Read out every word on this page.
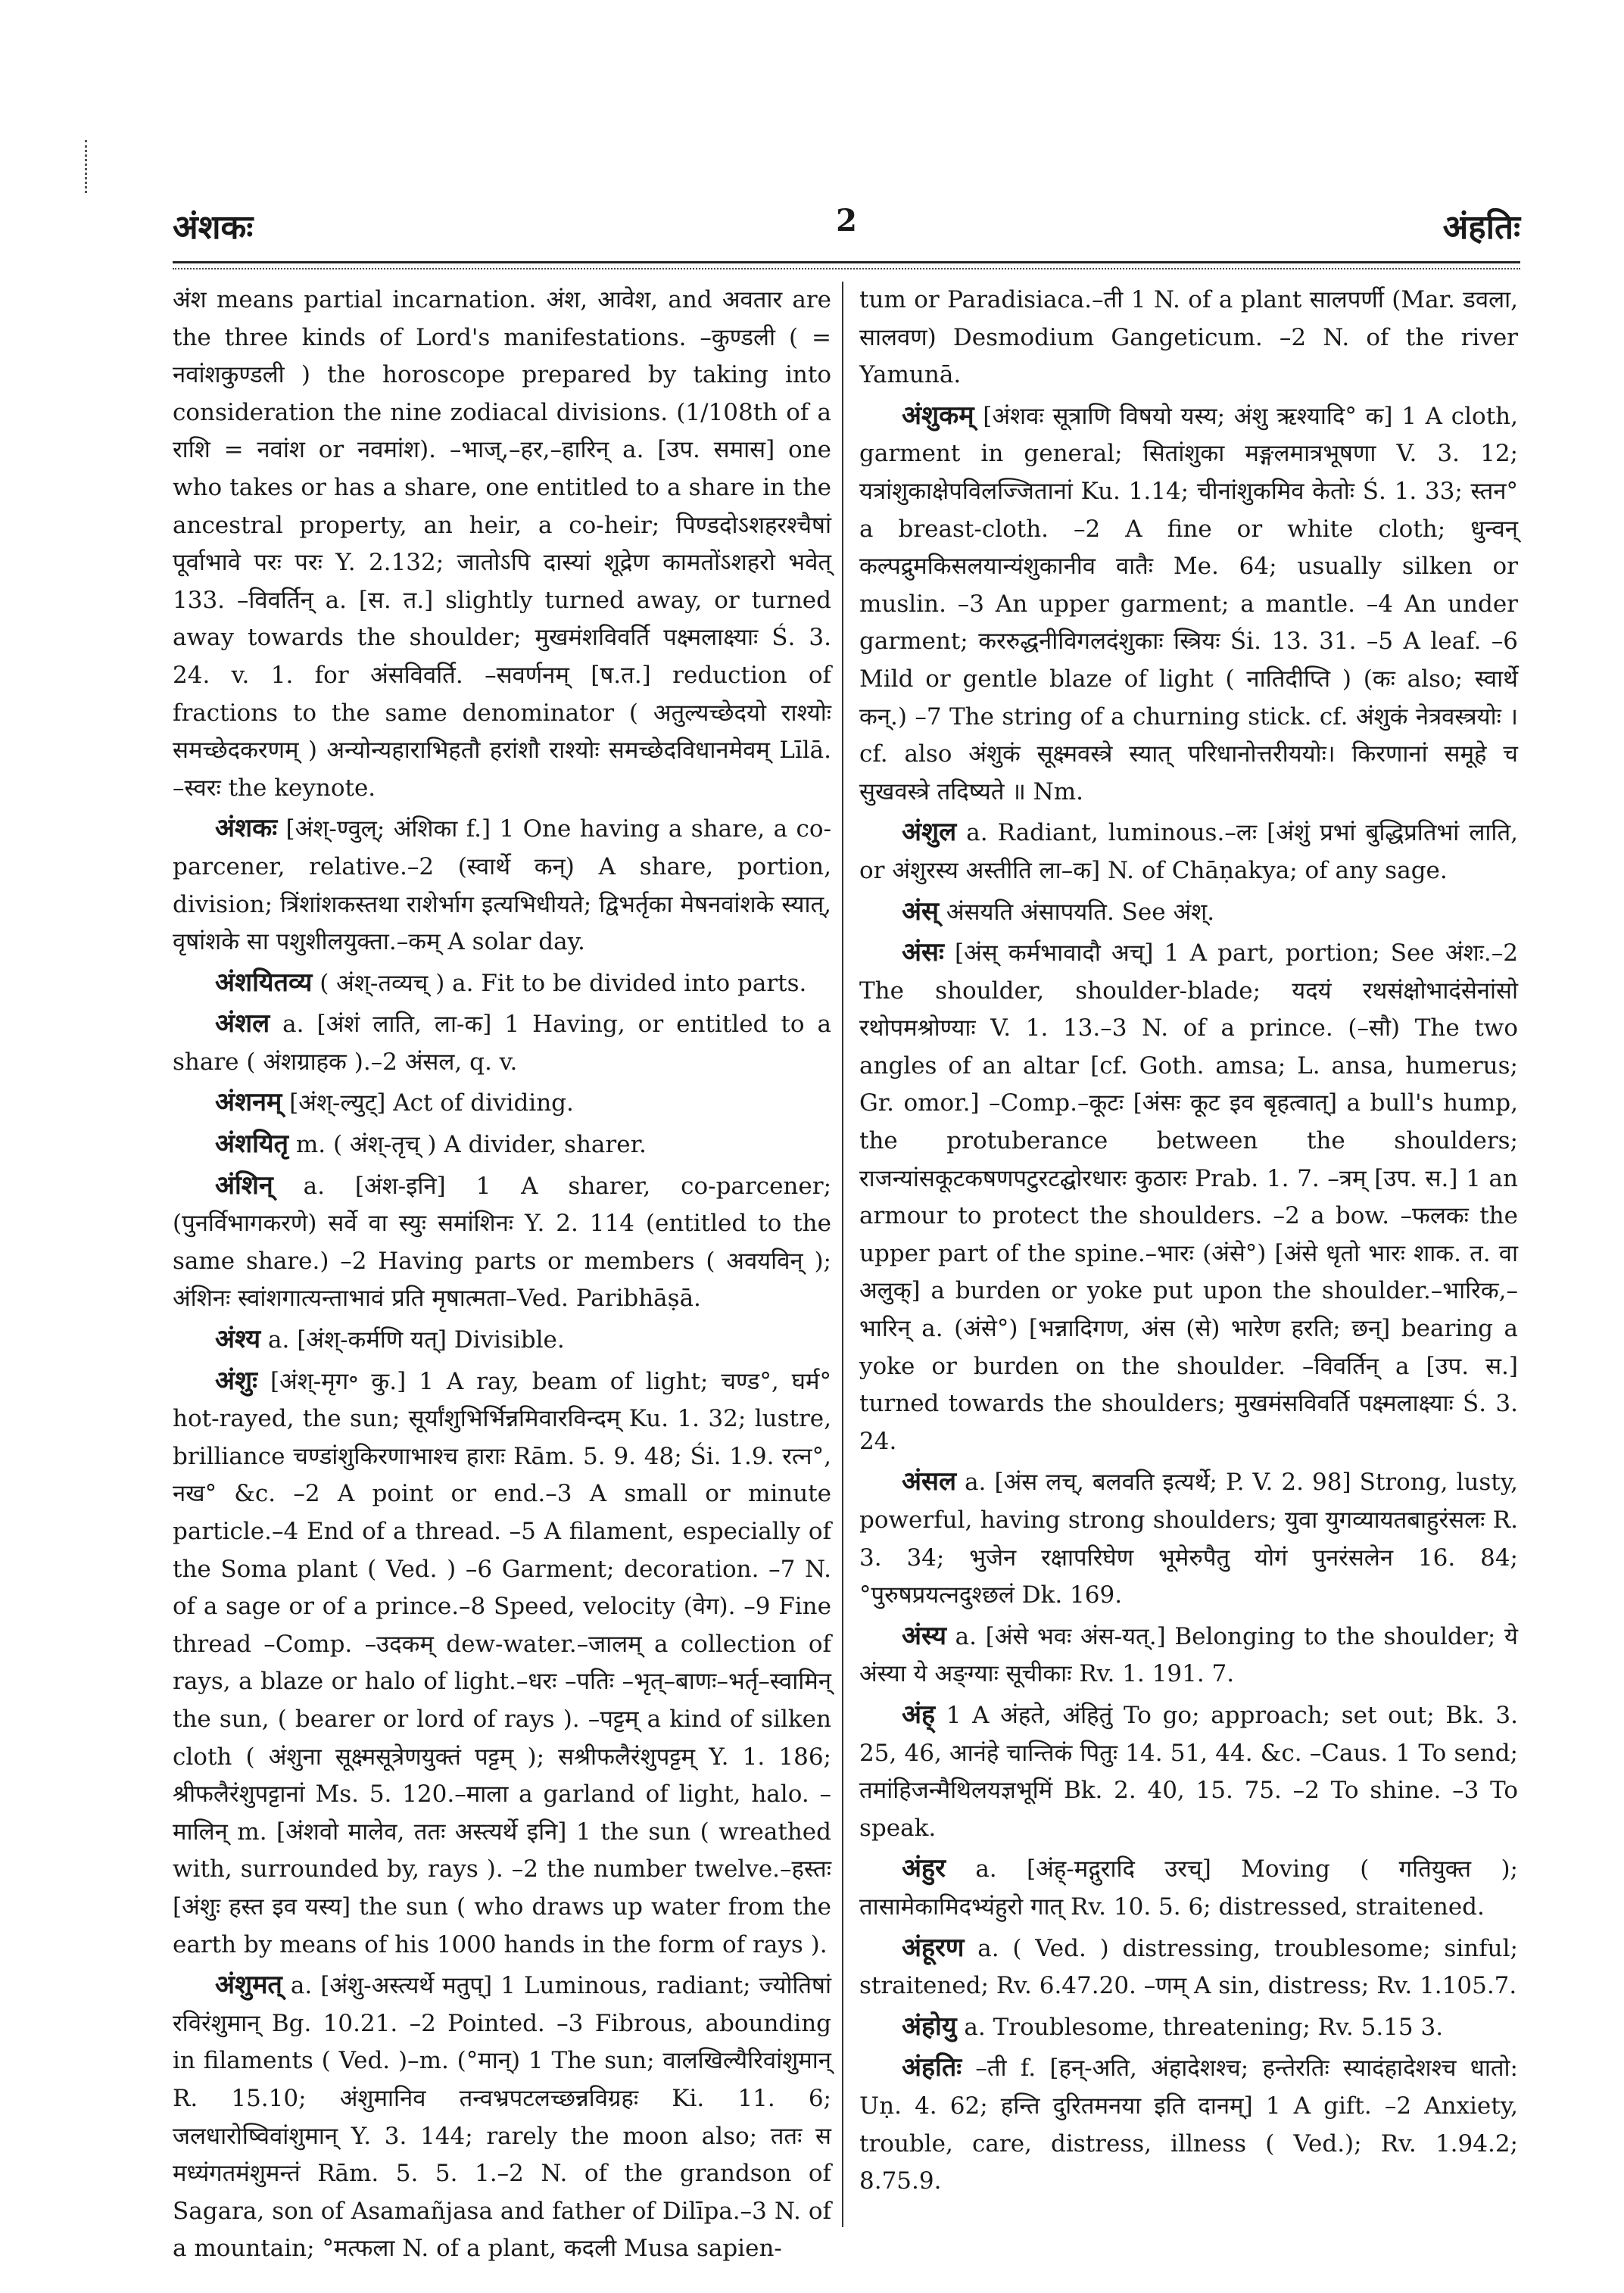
2
अंशकः	अंहतिः

अंश means partial incarnation. अंश, आवेश, and अवतार are the three kinds of Lord's manifestations. –कुण्डली ( = नवांशकुण्डली ) the horoscope prepared by taking into consideration the nine zodiacal divisions. (1/108th of a राशि = नवांश or नवमांश). –भाज्,–हर,–हारिन् a. [उप. समास] one who takes or has a share, one entitled to a share in the ancestral property, an heir, a co-heir; पिण्डदोऽशहरश्चैषां पूर्वाभावे परः परः Y. 2.132; जातोऽपि दास्यां शूद्रेण कामतोंऽशहरो भवेत् 133. –विवर्तिन् a. [स. त.] slightly turned away, or turned away towards the shoulder; मुखमंशविवर्ति पक्ष्मलाक्ष्याः Ś. 3. 24. v. 1. for अंसविवर्ति. –सवर्णनम् [ष.त.] reduction of fractions to the same denominator ( अतुल्यच्छेदयो राश्योः समच्छेदकरणम् ) अन्योन्यहाराभिहतौ हरांशौ राश्योः समच्छेदविधानमेवम् Līlā. –स्वरः the keynote.

अंशकः [अंश्-ण्वुल्; अंशिका f.] 1 One having a share, a co-parcener, relative.–2 (स्वार्थे कन्) A share, portion, division; त्रिंशांशकस्तथा राशेर्भाग इत्यभिधीयते; द्विभर्तृका मेषनवांशके स्यात्, वृषांशके सा पशुशीलयुक्ता.–कम् A solar day.

अंशयितव्य ( अंश्-तव्यच् ) a. Fit to be divided into parts.

अंशल a. [अंशं लाति, ला-क] 1 Having, or entitled to a share ( अंशग्राहक ).–2 अंसल, q. v.

अंशनम् [अंश्-ल्युट्] Act of dividing.

अंशयितृ m. ( अंश्-तृच् ) A divider, sharer.

अंशिन् a. [अंश-इनि] 1 A sharer, co-parcener; (पुनर्विभागकरणे) सर्वे वा स्युः समांशिनः Y. 2. 114 (entitled to the same share.) –2 Having parts or members ( अवयविन् ); अंशिनः स्वांशगात्यन्ताभावं प्रति मृषात्मता–Ved. Paribhāṣā.

अंश्य a. [अंश्-कर्मणि यत्] Divisible.

अंशुः [अंश्-मृग॰ कु.] 1 A ray, beam of light; चण्ड°, घर्म° hot-rayed, the sun; सूर्यांशुभिर्भिन्नमिवारविन्दम् Ku. 1. 32; lustre, brilliance चण्डांशुकिरणाभाश्च हाराः Rām. 5. 9. 48; Śi. 1.9. रत्न°, नख° &c. –2 A point or end.–3 A small or minute particle.–4 End of a thread. –5 A filament, especially of the Soma plant ( Ved. ) –6 Garment; decoration. –7 N. of a sage or of a prince.–8 Speed, velocity (वेग). –9 Fine thread –Comp. –उदकम् dew-water.–जालम् a collection of rays, a blaze or halo of light.–धरः –पतिः –भृत्–बाणः–भर्तृ–स्वामिन् the sun, ( bearer or lord of rays ). –पट्टम् a kind of silken cloth ( अंशुना सूक्ष्मसूत्रेणयुक्तं पट्टम् ); सश्रीफलैरंशुपट्टम् Y. 1. 186; श्रीफलैरंशुपट्टानां Ms. 5. 120.–माला a garland of light, halo. –मालिन् m. [अंशवो मालेव, ततः अस्त्यर्थे इनि] 1 the sun ( wreathed with, surrounded by, rays ). –2 the number twelve.–हस्तः [अंशुः हस्त इव यस्य] the sun ( who draws up water from the earth by means of his 1000 hands in the form of rays ).

अंशुमत् a. [अंशु-अस्त्यर्थे मतुप्] 1 Luminous, radiant; ज्योतिषां रविरंशुमान् Bg. 10.21. –2 Pointed. –3 Fibrous, abounding in filaments ( Ved. )–m. (°मान्) 1 The sun; वालखिल्यैरिवांशुमान् R. 15.10; अंशुमानिव तन्वभ्रपटलच्छन्नविग्रहः Ki. 11. 6; जलधारोष्विवांशुमान् Y. 3. 144; rarely the moon also; ततः स मध्यंगतमंशुमन्तं Rām. 5. 5. 1.–2 N. of the grandson of Sagara, son of Asamañjasa and father of Dilīpa.–3 N. of a mountain; °मत्फला N. of a plant, कदली Musa sapien-

tum or Paradisiaca.–ती 1 N. of a plant सालपर्णी (Mar. डवला, सालवण) Desmodium Gangeticum. –2 N. of the river Yamunā.

अंशुकम् [अंशवः सूत्राणि विषयो यस्य; अंशु ऋश्यादि° क] 1 A cloth, garment in general; सितांशुका मङ्गलमात्रभूषणा V. 3. 12; यत्रांशुकाक्षेपविलज्जितानां Ku. 1.14; चीनांशुकमिव केतोः Ś. 1. 33; स्तन° a breast-cloth. –2 A fine or white cloth; धुन्वन् कल्पद्रुमकिसलयान्यंशुकानीव वातैः Me. 64; usually silken or muslin. –3 An upper garment; a mantle. –4 An under garment; कररुद्धनीविगलदंशुकाः स्त्रियः Śi. 13. 31. –5 A leaf. –6 Mild or gentle blaze of light ( नातिदीप्ति ) (कः also; स्वार्थे कन्.) –7 The string of a churning stick. cf. अंशुकं नेत्रवस्त्रयोः । cf. also अंशुकं सूक्ष्मवस्त्रे स्यात् परिधानोत्तरीययोः। किरणानां समूहे च सुखवस्त्रे तदिष्यते ॥ Nm.

अंशुल a. Radiant, luminous.–लः [अंशुं प्रभां बुद्धिप्रतिभां लाति, or अंशुरस्य अस्तीति ला–क] N. of Chāṇakya; of any sage.

अंस् अंसयति अंसापयति. See अंश्.

अंसः [अंस् कर्मभावादौ अच्] 1 A part, portion; See अंशः.–2 The shoulder, shoulder-blade; यदयं रथसंक्षोभादंसेनांसो रथोपमश्रोण्याः V. 1. 13.–3 N. of a prince. (–सौ) The two angles of an altar [cf. Goth. amsa; L. ansa, humerus; Gr. omor.] –Comp.–कूटः [अंसः कूट इव बृहत्वात्] a bull's hump, the protuberance between the shoulders; राजन्यांसकूटकषणपटुरटद्घोरधारः कुठारः Prab. 1. 7. –त्रम् [उप. स.] 1 an armour to protect the shoulders. –2 a bow. –फलकः the upper part of the spine.–भारः (अंसे°) [अंसे धृतो भारः शाक. त. वा अलुक्] a burden or yoke put upon the shoulder.–भारिक,–भारिन् a. (अंसे°) [भन्नादिगण, अंस (से) भारेण हरति; छन्] bearing a yoke or burden on the shoulder. –विवर्तिन् a [उप. स.] turned towards the shoulders; मुखमंसविवर्ति पक्ष्मलाक्ष्याः Ś. 3. 24.

अंसल a. [अंस लच्, बलवति इत्यर्थे; P. V. 2. 98] Strong, lusty, powerful, having strong shoulders; युवा युगव्यायतबाहुरंसलः R. 3. 34; भुजेन रक्षापरिघेण भूमेरुपैतु योगं पुनरंसलेन 16. 84; °पुरुषप्रयत्नदुश्छलं Dk. 169.

अंस्य a. [अंसे भवः अंस-यत्.] Belonging to the shoulder; ये अंस्या ये अङ्ग्याः सूचीकाः Rv. 1. 191. 7.

अंह् 1 A अंहते, अंहितुं To go; approach; set out; Bk. 3. 25, 46, आनंहे चान्तिकं पितुः 14. 51, 44. &c. –Caus. 1 To send; तमांहिजन्मैथिलयज्ञभूमिं Bk. 2. 40, 15. 75. –2 To shine. –3 To speak.

अंहुर a. [अंह्-मद्गुरादि उरच्] Moving ( गतियुक्त ); तासामेकामिदभ्यंहुरो गात् Rv. 10. 5. 6; distressed, straitened.

अंहूरण a. ( Ved. ) distressing, troublesome; sinful; straitened; Rv. 6.47.20. –णम् A sin, distress; Rv. 1.105.7.

अंहोयु a. Troublesome, threatening; Rv. 5.15 3.

अंहतिः –ती f. [हन्-अति, अंहादेशश्च; हन्तेरतिः स्यादंहादेशश्च धातो: Uṇ. 4. 62; हन्ति दुरितमनया इति दानम्] 1 A gift. –2 Anxiety, trouble, care, distress, illness ( Ved.); Rv. 1.94.2; 8.75.9.
